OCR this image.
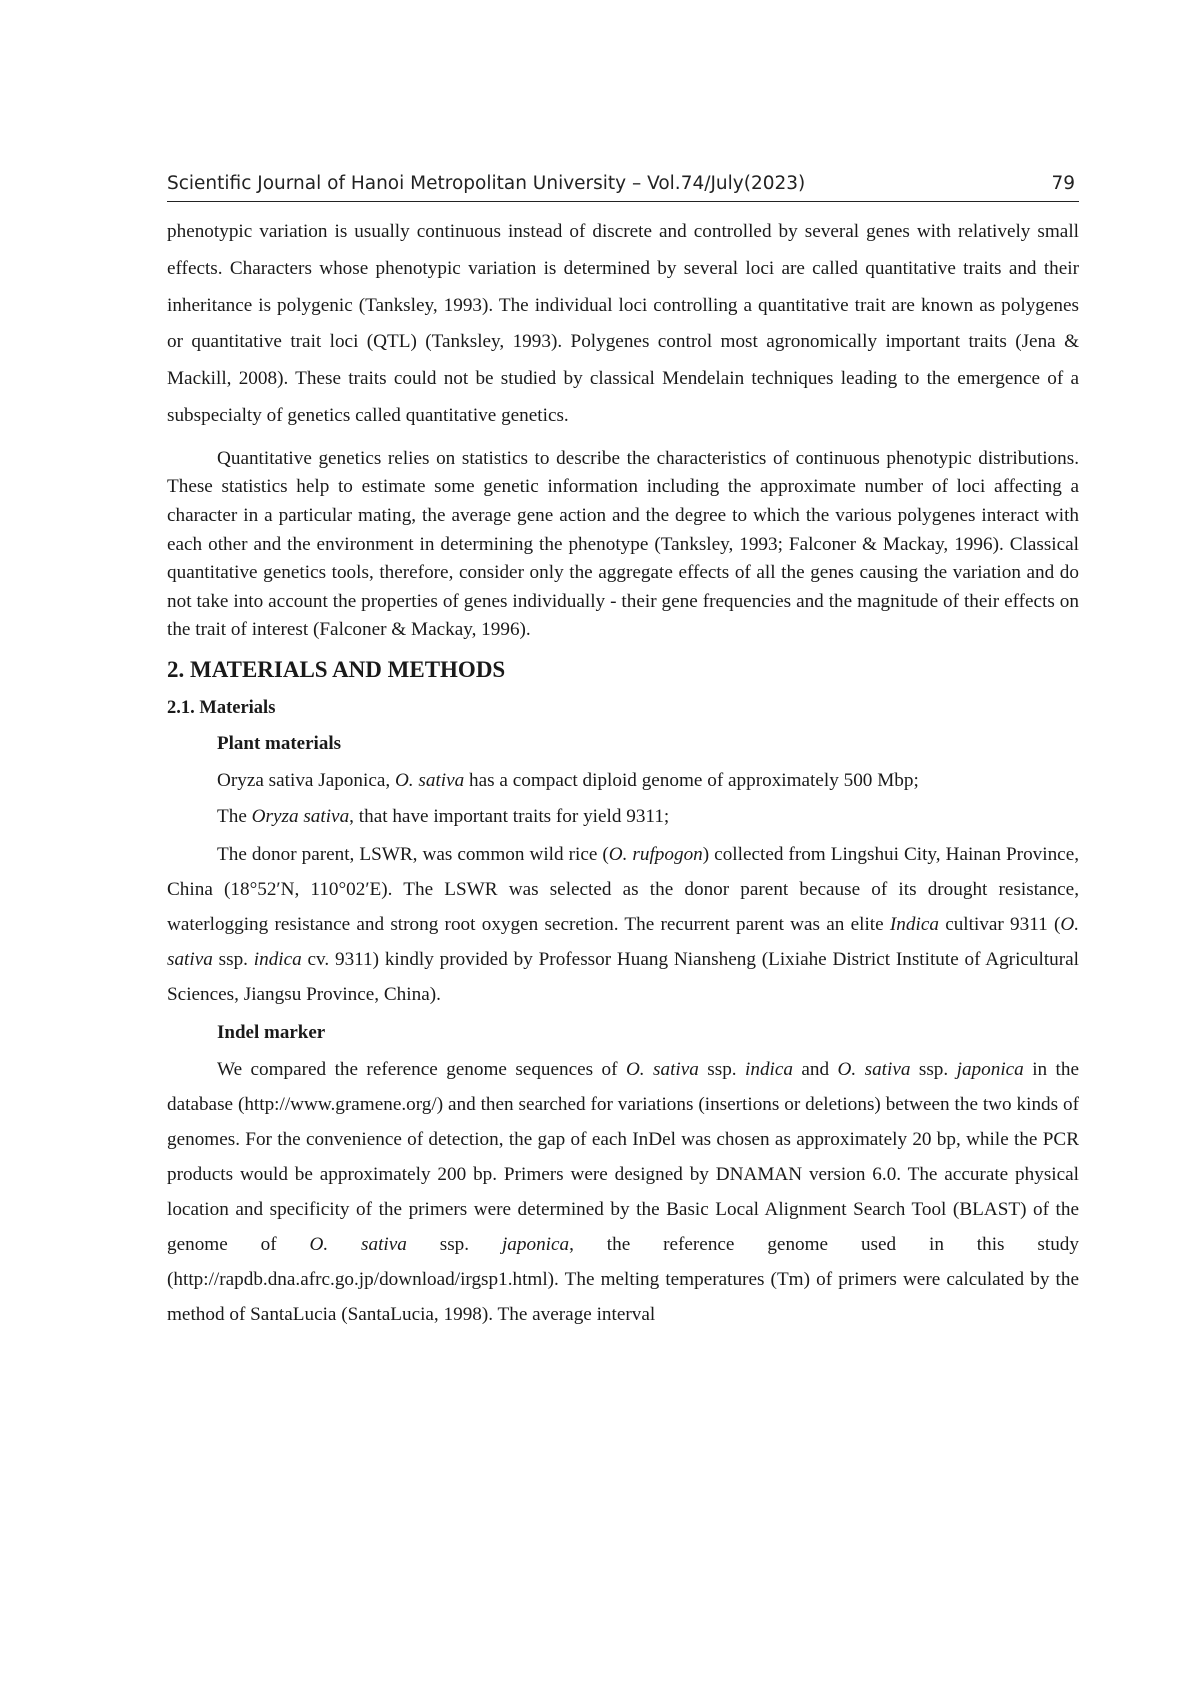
Scientific Journal of Hanoi Metropolitan University – Vol.74/July(2023)	79

phenotypic variation is usually continuous instead of discrete and controlled by several genes with relatively small effects. Characters whose phenotypic variation is determined by several loci are called quantitative traits and their inheritance is polygenic (Tanksley, 1993). The individual loci controlling a quantitative trait are known as polygenes or quantitative trait loci (QTL) (Tanksley, 1993). Polygenes control most agronomically important traits (Jena & Mackill, 2008). These traits could not be studied by classical Mendelain techniques leading to the emergence of a subspecialty of genetics called quantitative genetics.

Quantitative genetics relies on statistics to describe the characteristics of continuous phenotypic distributions. These statistics help to estimate some genetic information including the approximate number of loci affecting a character in a particular mating, the average gene action and the degree to which the various polygenes interact with each other and the environment in determining the phenotype (Tanksley, 1993; Falconer & Mackay, 1996). Classical quantitative genetics tools, therefore, consider only the aggregate effects of all the genes causing the variation and do not take into account the properties of genes individually - their gene frequencies and the magnitude of their effects on the trait of interest (Falconer & Mackay, 1996).

2. MATERIALS AND METHODS
2.1. Materials
Plant materials
Oryza sativa Japonica, O. sativa has a compact diploid genome of approximately 500 Mbp;
The Oryza sativa, that have important traits for yield 9311;

The donor parent, LSWR, was common wild rice (O. rufpogon) collected from Lingshui City, Hainan Province, China (18°52′N, 110°02′E). The LSWR was selected as the donor parent because of its drought resistance, waterlogging resistance and strong root oxygen secretion. The recurrent parent was an elite Indica cultivar 9311 (O. sativa ssp. indica cv. 9311) kindly provided by Professor Huang Niansheng (Lixiahe District Institute of Agricultural Sciences, Jiangsu Province, China).

Indel marker

We compared the reference genome sequences of O. sativa ssp. indica and O. sativa ssp. japonica in the database (http://www.gramene.org/) and then searched for variations (insertions or deletions) between the two kinds of genomes. For the convenience of detection, the gap of each InDel was chosen as approximately 20 bp, while the PCR products would be approximately 200 bp. Primers were designed by DNAMAN version 6.0. The accurate physical location and specificity of the primers were determined by the Basic Local Alignment Search Tool (BLAST) of the genome of O. sativa ssp. japonica, the reference genome used in this study (http://rapdb.dna.afrc.go.jp/download/irgsp1.html). The melting temperatures (Tm) of primers were calculated by the method of SantaLucia (SantaLucia, 1998). The average interval
